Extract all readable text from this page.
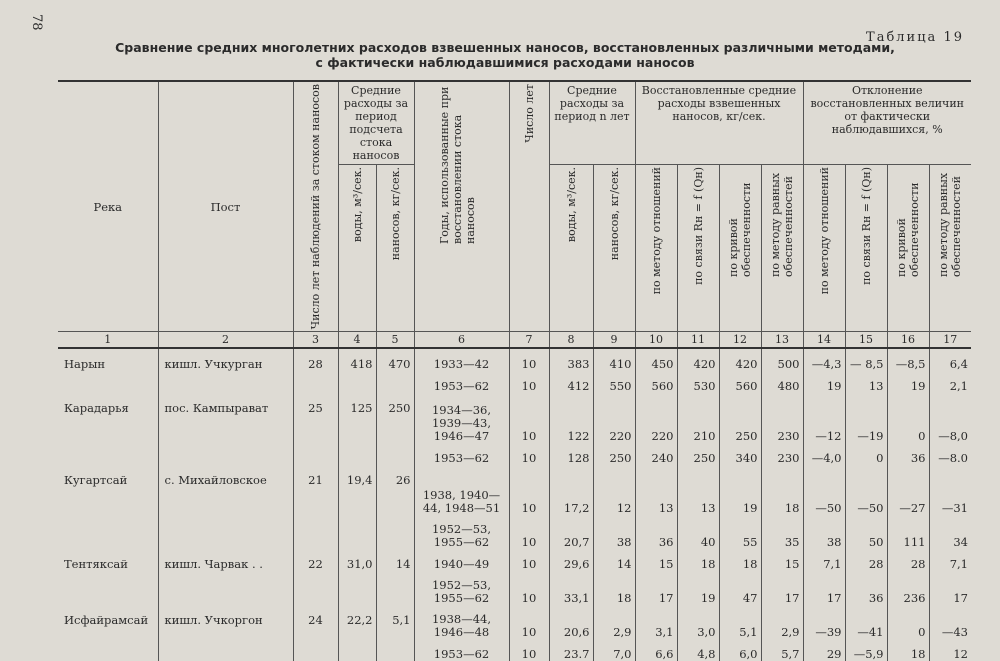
78
Таблица 19
Сравнение средних многолетних расходов взвешенных наносов, восстановленных различными методами,
с фактически наблюдавшимися расходами наносов
Река	Пост	Число лет наблюдений за стоком наносов	Средние расходы за период подсчета стока наносов		Годы, использованные при восстановлении стока наносов	Число лет	Средние расходы за период n лет		Восстановленные средние расходы взвешенных наносов, кг/сек.				Отклонение восстановленных величин от фактически наблюдавшихся, %			

			воды, м³/сек.	наносов, кг/сек.			воды, м³/сек.	наносов, кг/сек.	по методу отношений	по связи Rн = f (Qн)	по кривой обеспеченности	по методу равных обеспеченностей	по методу отношений	по связи Rн = f (Qн)	по кривой обеспеченности	по методу равных обеспеченностей

1	2	3	4	5	6	7	8	9	10	11	12	13	14	15	16	17
Нарын	кишл. Учкурган	28	418	470	1933—42	10	383	410	450	420	420	500	—4,3	— 8,5	—8,5	6,4
					1953—62	10	412	550	560	530	560	480	19	13	19	2,1
Карадарья	пос. Кампырават	25	125	250	1934—36, 1939—43, 1946—47	10	122	220	220	210	250	230	—12	—19	0	—8,0
					1953—62	10	128	250	240	250	340	230	—4,0	0	36	—8.0
Кугартсай	с. Михайловское	21	19,4	26	1938, 1940—44, 1948—51	10	17,2	12	13	13	19	18	—50	—50	—27	—31
					1952—53, 1955—62	10	20,7	38	36	40	55	35	38	50	111	34
Тентяксай	кишл. Чарвак . .	22	31,0	14	1940—49	10	29,6	14	15	18	18	15	7,1	28	28	7,1
					1952—53, 1955—62	10	33,1	18	17	19	47	17	17	36	236	17
Исфайрамсай	кишл. Учкоргон	24	22,2	5,1	1938—44, 1946—48	10	20,6	2,9	3,1	3,0	5,1	2,9	—39	—41	0	—43
					1953—62	10	23.7	7,0	6,6	4,8	6,0	5,7	29	—5,9	18	12
